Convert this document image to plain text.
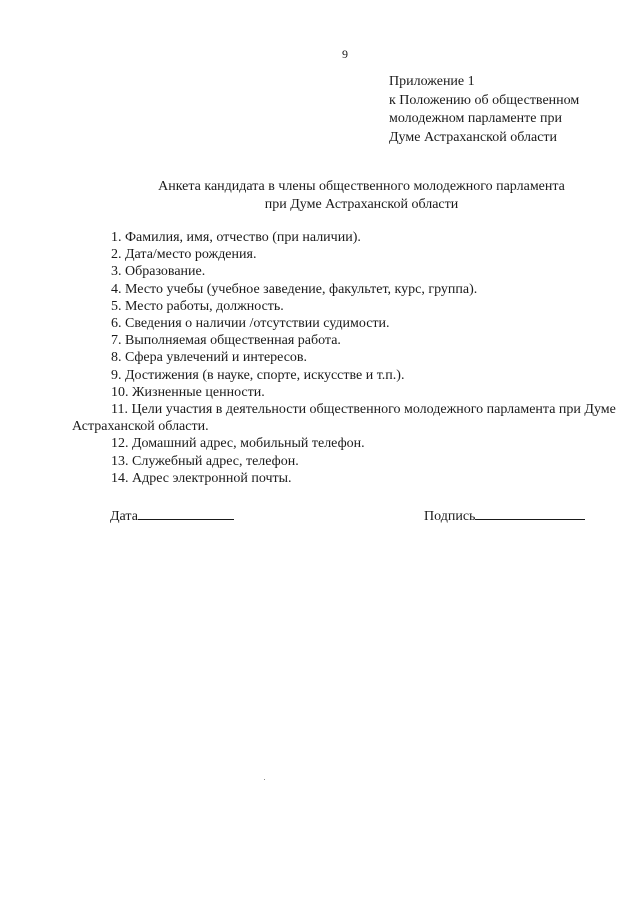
9
Приложение 1
к Положению об общественном
молодежном парламенте при
Думе Астраханской области
Анкета кандидата в члены общественного молодежного парламента
при Думе Астраханской области
1. Фамилия, имя, отчество (при наличии).
2. Дата/место рождения.
3. Образование.
4. Место учебы (учебное заведение, факультет, курс, группа).
5. Место работы, должность.
6. Сведения о наличии /отсутствии судимости.
7. Выполняемая общественная работа.
8. Сфера увлечений и интересов.
9. Достижения (в науке, спорте, искусстве и т.п.).
10. Жизненные ценности.
11. Цели участия в деятельности общественного молодежного парламента при Думе Астраханской области.
12. Домашний адрес, мобильный телефон.
13. Служебный адрес, телефон.
14. Адрес электронной почты.
Дата	Подпись
